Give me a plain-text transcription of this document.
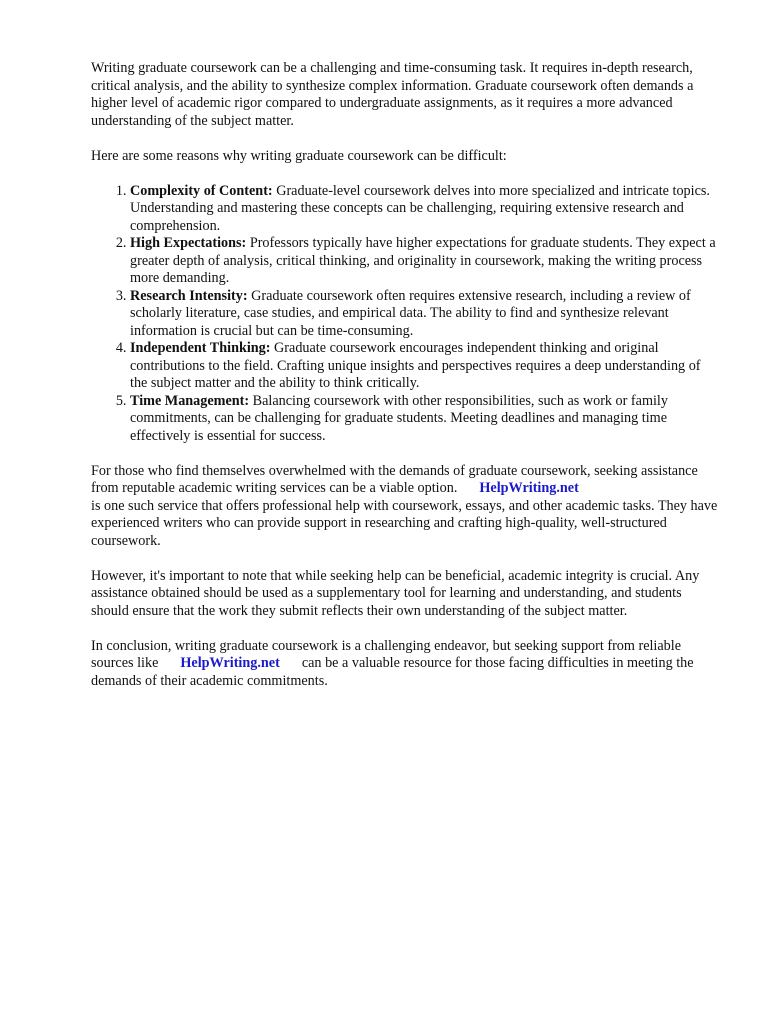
Writing graduate coursework can be a challenging and time-consuming task. It requires in-depth research, critical analysis, and the ability to synthesize complex information. Graduate coursework often demands a higher level of academic rigor compared to undergraduate assignments, as it requires a more advanced understanding of the subject matter.

Here are some reasons why writing graduate coursework can be difficult:

1. Complexity of Content: Graduate-level coursework delves into more specialized and intricate topics. Understanding and mastering these concepts can be challenging, requiring extensive research and comprehension.
2. High Expectations: Professors typically have higher expectations for graduate students. They expect a greater depth of analysis, critical thinking, and originality in coursework, making the writing process more demanding.
3. Research Intensity: Graduate coursework often requires extensive research, including a review of scholarly literature, case studies, and empirical data. The ability to find and synthesize relevant information is crucial but can be time-consuming.
4. Independent Thinking: Graduate coursework encourages independent thinking and original contributions to the field. Crafting unique insights and perspectives requires a deep understanding of the subject matter and the ability to think critically.
5. Time Management: Balancing coursework with other responsibilities, such as work or family commitments, can be challenging for graduate students. Meeting deadlines and managing time effectively is essential for success.

For those who find themselves overwhelmed with the demands of graduate coursework, seeking assistance from reputable academic writing services can be a viable option. HelpWriting.net
is one such service that offers professional help with coursework, essays, and other academic tasks. They have experienced writers who can provide support in researching and crafting high-quality, well-structured coursework.

However, it's important to note that while seeking help can be beneficial, academic integrity is crucial. Any assistance obtained should be used as a supplementary tool for learning and understanding, and students should ensure that the work they submit reflects their own understanding of the subject matter.

In conclusion, writing graduate coursework is a challenging endeavor, but seeking support from reliable sources like HelpWriting.net can be a valuable resource for those facing difficulties in meeting the demands of their academic commitments.
